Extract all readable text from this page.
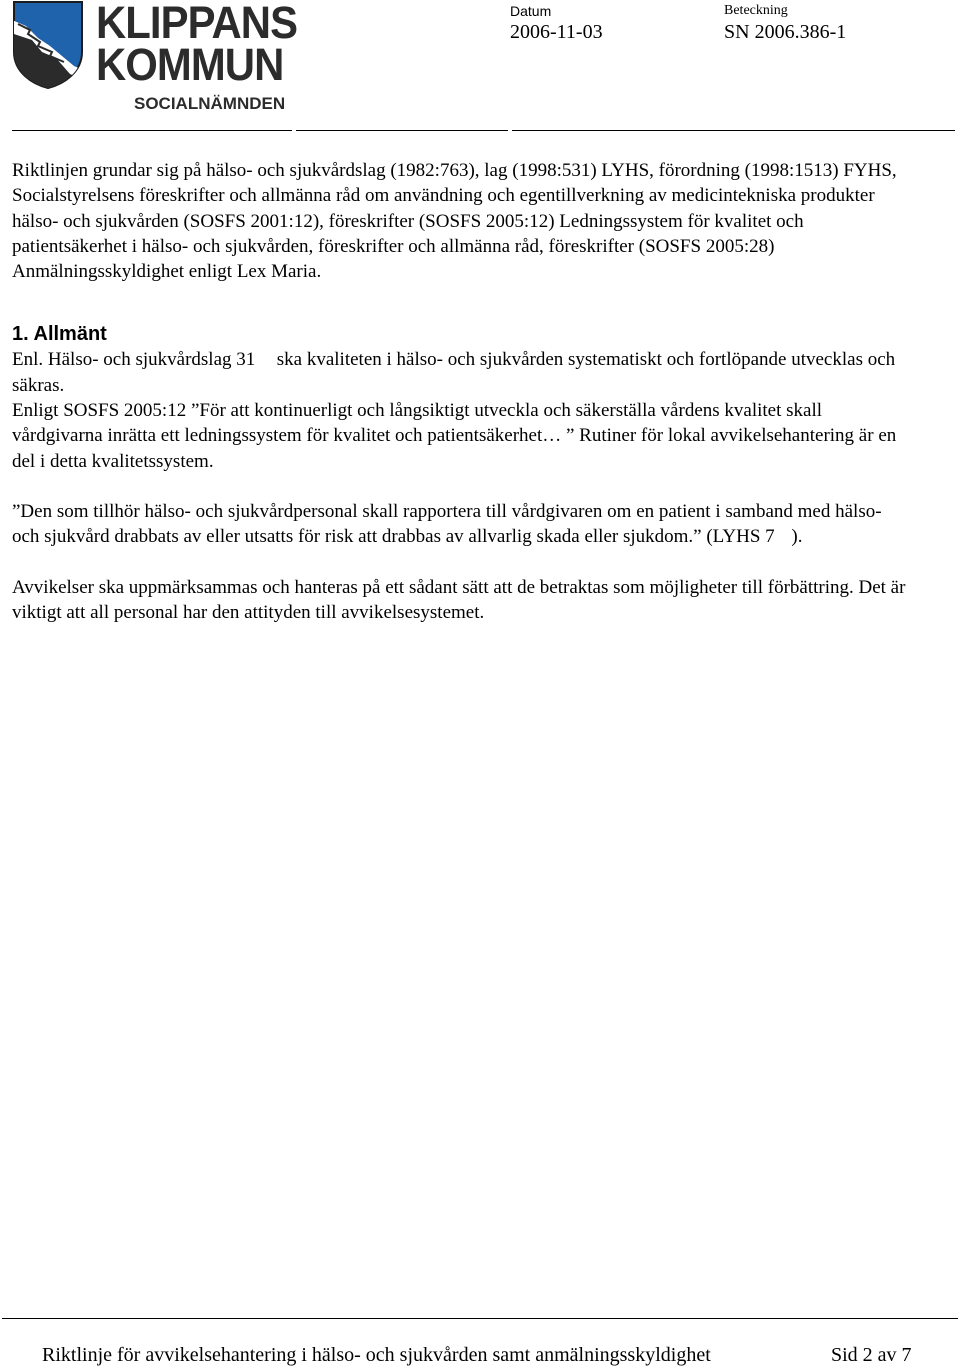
KLIPPANS
KOMMUN
SOCIALNÄMNDEN
Datum
2006-11-03
Beteckning
SN 2006.386-1

Riktlinjen grundar sig på hälso- och sjukvårdslag (1982:763), lag (1998:531) LYHS, förordning (1998:1513) FYHS, Socialstyrelsens föreskrifter och allmänna råd om användning och egentillverkning av medicintekniska produkter hälso- och sjukvården (SOSFS 2001:12), föreskrifter (SOSFS 2005:12) Ledningssystem för kvalitet och patientsäkerhet i hälso- och sjukvården, föreskrifter och allmänna råd, föreskrifter (SOSFS 2005:28) Anmälningsskyldighet enligt Lex Maria.

1. Allmänt

Enl. Hälso- och sjukvårdslag 31 ska kvaliteten i hälso- och sjukvården systematiskt och fortlöpande utvecklas och säkras.

Enligt SOSFS 2005:12 ”För att kontinuerligt och långsiktigt utveckla och säkerställa vårdens kvalitet skall vårdgivarna inrätta ett ledningssystem för kvalitet och patientsäkerhet… ” Rutiner för lokal avvikelsehantering är en del i detta kvalitetssystem.

”Den som tillhör hälso- och sjukvårdpersonal skall rapportera till vårdgivaren om en patient i samband med hälso- och sjukvård drabbats av eller utsatts för risk att drabbas av allvarlig skada eller sjukdom.” (LYHS 7 ).

Avvikelser ska uppmärksammas och hanteras på ett sådant sätt att de betraktas som möjligheter till förbättring. Det är viktigt att all personal har den attityden till avvikelsesystemet.

Riktlinje för avvikelsehantering i hälso- och sjukvården samt anmälningsskyldighet	Sid 2 av 7
